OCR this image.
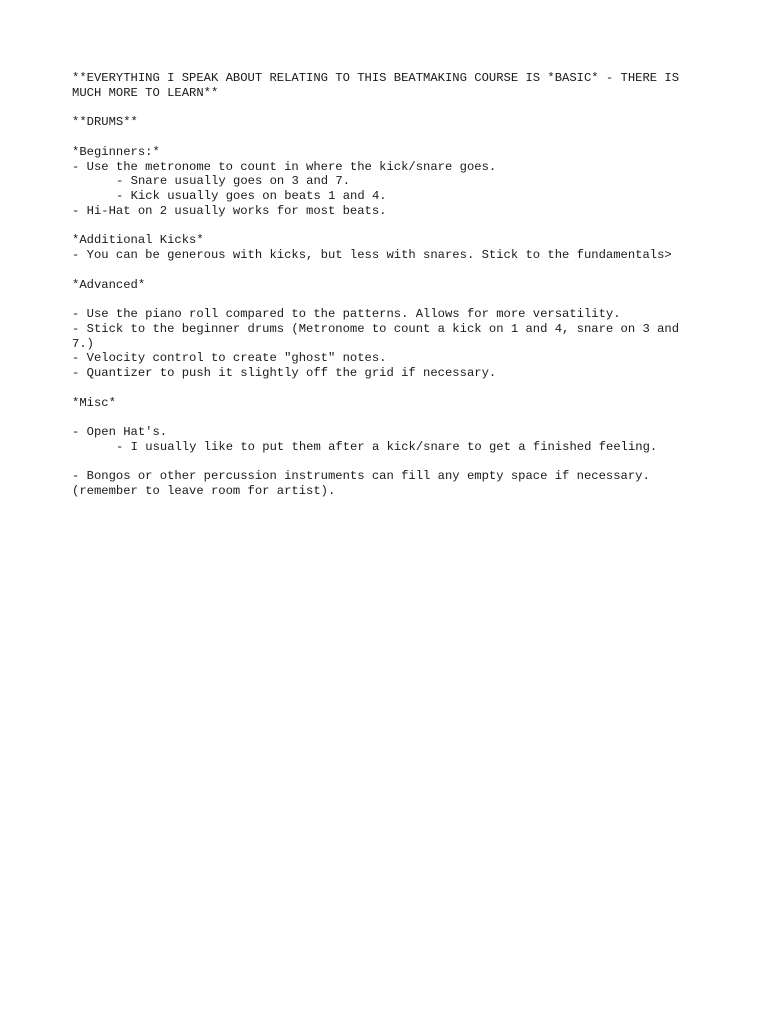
**EVERYTHING I SPEAK ABOUT RELATING TO THIS BEATMAKING COURSE IS *BASIC* - THERE IS
MUCH MORE TO LEARN**
**DRUMS**
*Beginners:*
- Use the metronome to count in where the kick/snare goes.
- Snare usually goes on 3 and 7.
- Kick usually goes on beats 1 and 4.
- Hi-Hat on 2 usually works for most beats.
*Additional Kicks*
- You can be generous with kicks, but less with snares. Stick to the fundamentals>
*Advanced*
- Use the piano roll compared to the patterns. Allows for more versatility.
- Stick to the beginner drums (Metronome to count a kick on 1 and 4, snare on 3 and
7.)
- Velocity control to create "ghost" notes.
- Quantizer to push it slightly off the grid if necessary.
*Misc*
- Open Hat's.
- I usually like to put them after a kick/snare to get a finished feeling.
- Bongos or other percussion instruments can fill any empty space if necessary.
(remember to leave room for artist).
